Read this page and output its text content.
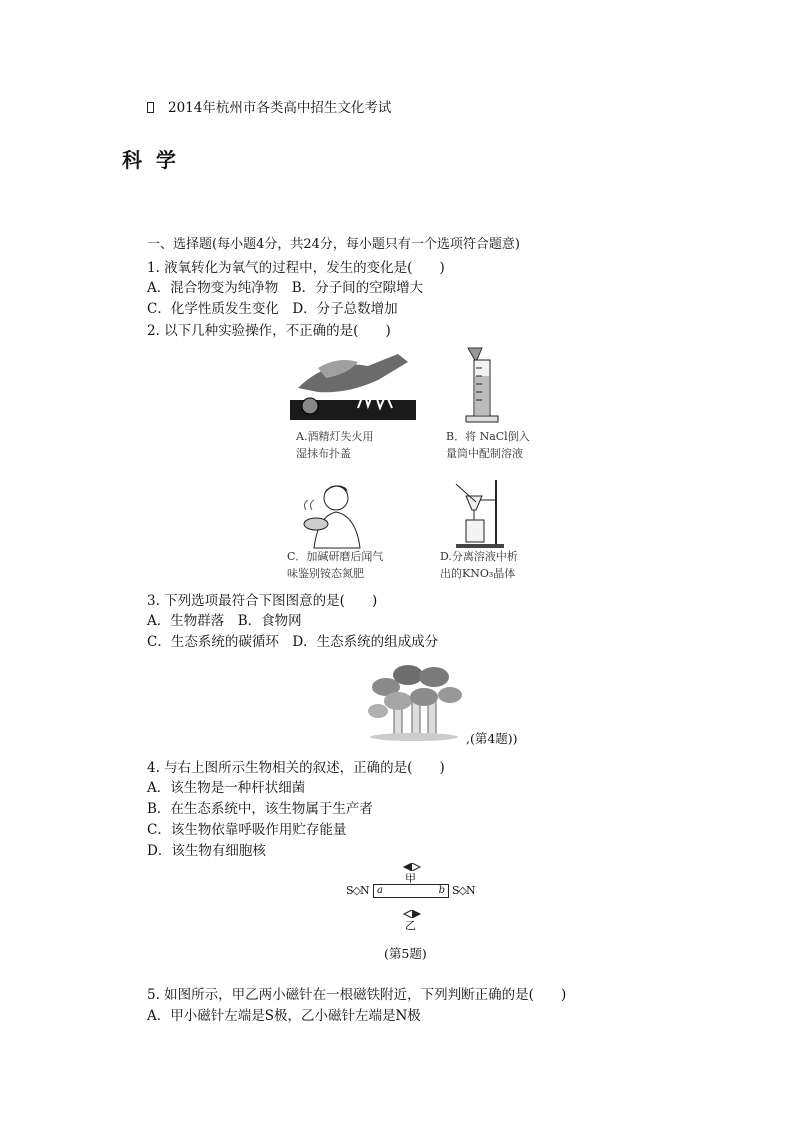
2014年杭州市各类高中招生文化考试
科  学
一、选择题(每小题4分，共24分，每小题只有一个选项符合题意)
1. 液氧转化为氧气的过程中，发生的变化是(　　)
A．混合物变为纯净物　B．分子间的空隙增大
C．化学性质发生变化　D．分子总数增加
2. 以下几种实验操作，不正确的是(　　)
A.酒精灯失火用
湿抹布扑盖
B．将 NaCl倒入
量筒中配制溶液
C．加碱研磨后闻气
味鉴别铵态氮肥
D.分离溶液中析
出的KNO₃晶体
3. 下列选项最符合下图图意的是(　　)
A．生物群落　B．食物网
C．生态系统的碳循环　D．生态系统的组成成分
,(第4题))
4. 与右上图所示生物相关的叙述，正确的是(　　)
A．该生物是一种杆状细菌
B．在生态系统中，该生物属于生产者
C．该生物依靠呼吸作用贮存能量
D．该生物有细胞核
甲
S◇N a	b S◇N
乙
(第5题)
5. 如图所示，甲乙两小磁针在一根磁铁附近，下列判断正确的是(　　)
A．甲小磁针左端是S极，乙小磁针左端是N极
